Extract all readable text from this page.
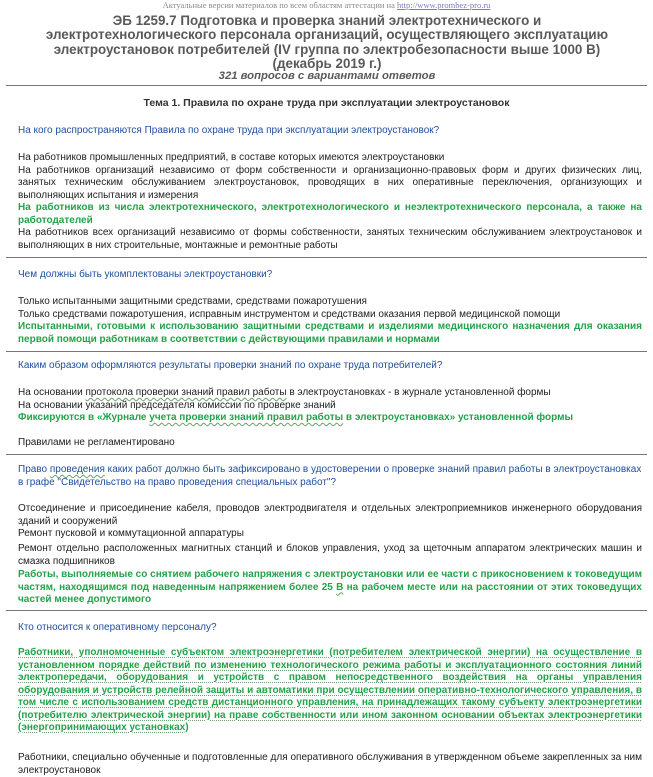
Актуальные версии материалов по всем областям аттестации на http://www.prombez-pro.ru
ЭБ 1259.7 Подготовка и проверка знаний электротехнического и
электротехнологического персонала организаций, осуществляющего эксплуатацию
электроустановок потребителей (IV группа по электробезопасности выше 1000 В)
(декабрь 2019 г.)
321 вопросов с вариантами ответов
Тема 1. Правила по охране труда при эксплуатации электроустановок
На кого распространяются Правила по охране труда при эксплуатации электроустановок?
На работников промышленных предприятий, в составе которых имеются электроустановки
На работников организаций независимо от форм собственности и организационно-правовых форм и других физических лиц, занятых техническим обслуживанием электроустановок, проводящих в них оперативные переключения, организующих и выполняющих испытания и измерения
На работников из числа электротехнического, электротехнологического и неэлектротехнического персонала, а также на работодателей
На работников всех организаций независимо от формы собственности, занятых техническим обслуживанием электроустановок и выполняющих в них строительные, монтажные и ремонтные работы
Чем должны быть укомплектованы электроустановки?
Только испытанными защитными средствами, средствами пожаротушения
Только средствами пожаротушения, исправным инструментом и средствами оказания первой медицинской помощи
Испытанными, готовыми к использованию защитными средствами и изделиями медицинского назначения для оказания первой помощи работникам в соответствии с действующими правилами и нормами
Каким образом оформляются результаты проверки знаний по охране труда потребителей?
На основании протокола проверки знаний правил работы в электроустановках - в журнале установленной формы
На основании указаний председателя комиссии по проверке знаний
Фиксируются в «Журнале учета проверки знаний правил работы в электроустановках» установленной формы
Правилами не регламентировано
Право проведения каких работ должно быть зафиксировано в удостоверении о проверке знаний правил работы в электроустановках в графе "Свидетельство на право проведения специальных работ"?
Отсоединение и присоединение кабеля, проводов электродвигателя и отдельных электроприемников инженерного оборудования зданий и сооружений
Ремонт пусковой и коммутационной аппаратуры
Ремонт отдельно расположенных магнитных станций и блоков управления, уход за щеточным аппаратом электрических машин и смазка подшипников
Работы, выполняемые со снятием рабочего напряжения с электроустановки или ее части с прикосновением к токоведущим частям, находящимся под наведенным напряжением более 25 В на рабочем месте или на расстоянии от этих токоведущих частей менее допустимого
Кто относится к оперативному персоналу?
Работники, уполномоченные субъектом электроэнергетики (потребителем электрической энергии) на осуществление в установленном порядке действий по изменению технологического режима работы и эксплуатационного состояния линий электропередачи, оборудования и устройств с правом непосредственного воздействия на органы управления оборудования и устройств релейной защиты и автоматики при осуществлении оперативно-технологического управления, в том числе с использованием средств дистанционного управления, на принадлежащих такому субъекту электроэнергетики (потребителю электрической энергии) на праве собственности или ином законном основании объектах электроэнергетики (энергопринимающих установках)
Работники, специально обученные и подготовленные для оперативного обслуживания в утвержденном объеме закрепленных за ним электроустановок
